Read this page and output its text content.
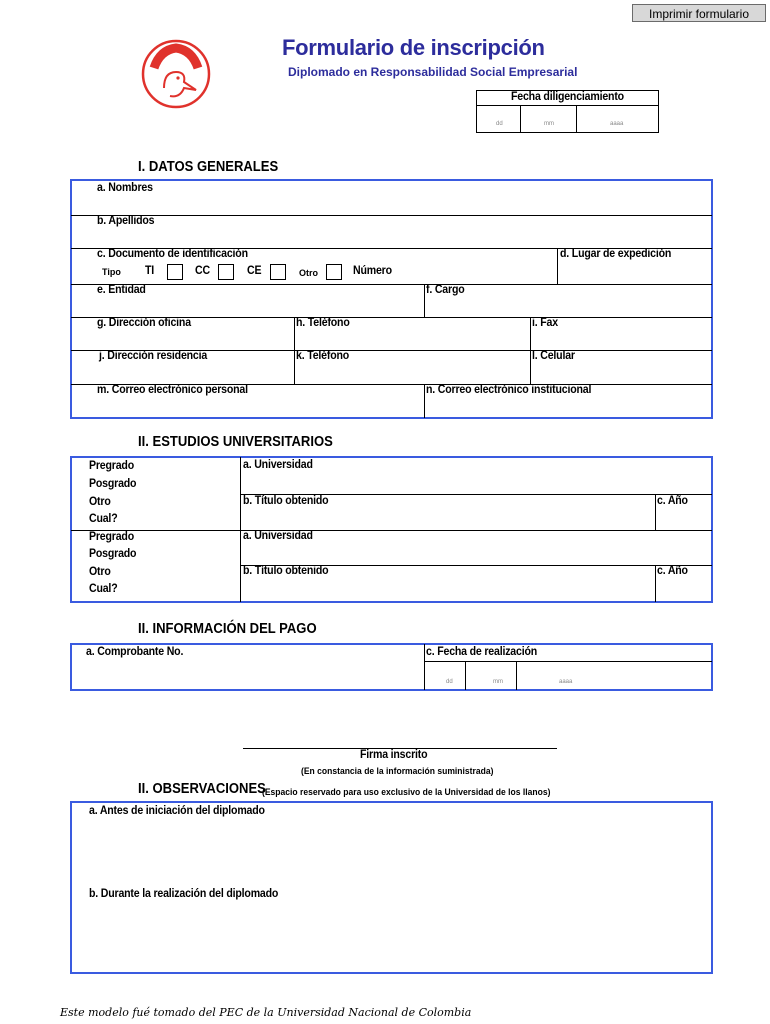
Imprimir formulario
Formulario de inscripción
Diplomado en Responsabilidad Social Empresarial
Fecha diligenciamiento
dd	mm	aaaa
I. DATOS GENERALES
a. Nombres
b. Apellidos
c. Documento de identificación	d. Lugar de expedición
Tipo TI	CC	CE	Otro	Número
e. Entidad	f. Cargo
g. Dirección oficina	h. Teléfono	i. Fax
j. Dirección residencia	k. Teléfono	l. Celular
m. Correo electrónico personal	n. Correo electrónico institucional
II. ESTUDIOS UNIVERSITARIOS
Pregrado
Posgrado
Otro
Cual?
a. Universidad
b. Título obtenido	c. Año
Pregrado
Posgrado
Otro
Cual?
a. Universidad
b. Título obtenido	c. Año
II. INFORMACIÓN DEL PAGO
a. Comprobante No.	c. Fecha de realización
dd	mm	aaaa
Firma inscrito
(En constancia de la información suministrada)
II. OBSERVACIONES
(Espacio reservado para uso exclusivo de la Universidad de los llanos)
a. Antes de iniciación del diplomado
b. Durante la realización del diplomado
Este modelo fué tomado del PEC de la Universidad Nacional de Colombia
